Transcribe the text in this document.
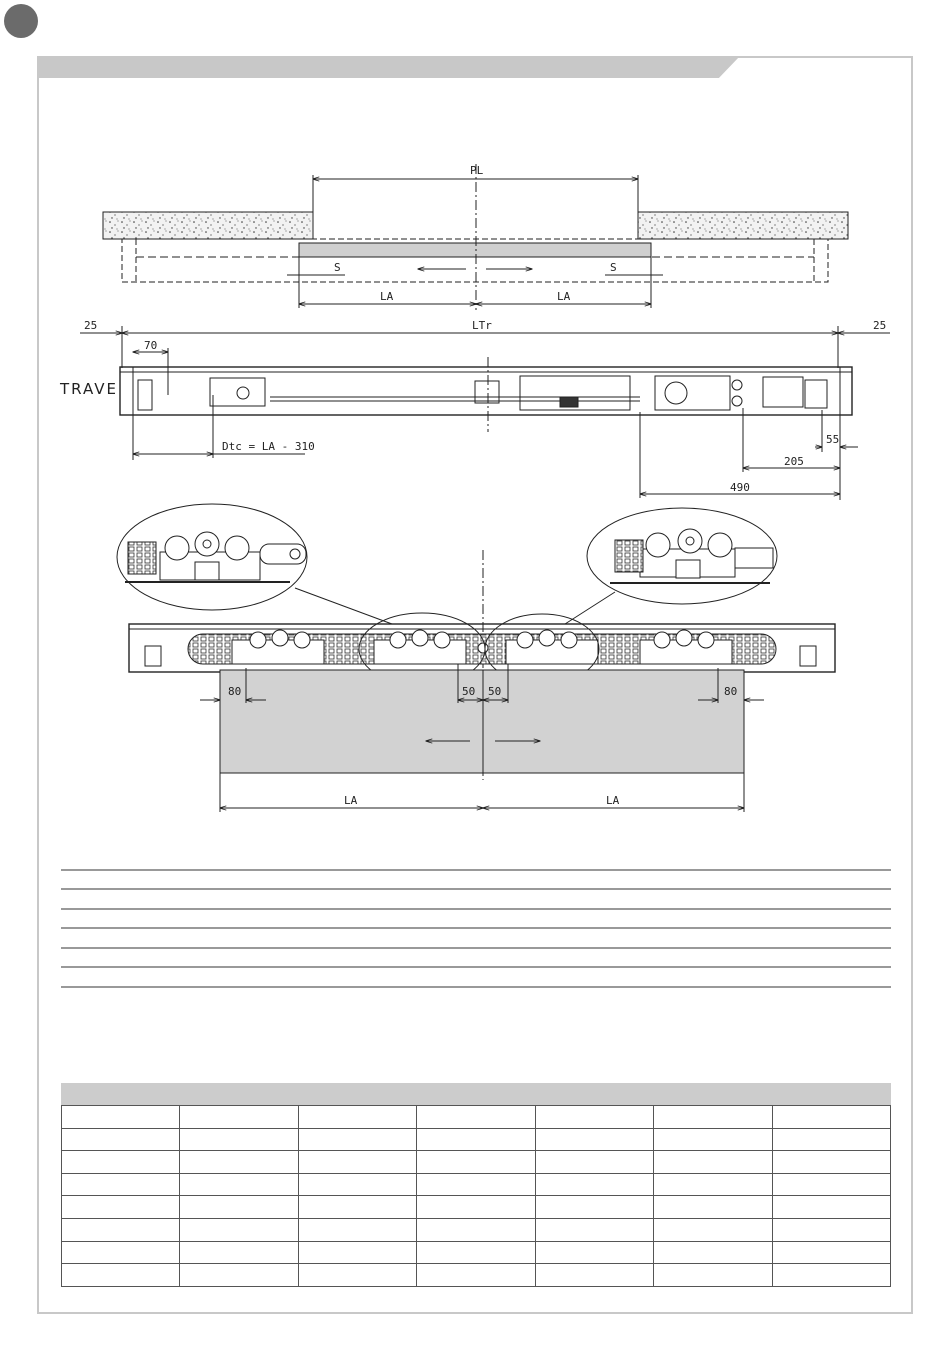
PL
S	S
LA	LA
25	LTr	25
70
TRAVE
Dtc = LA - 310
55
205
490
80	80
50 50
LA	LA
